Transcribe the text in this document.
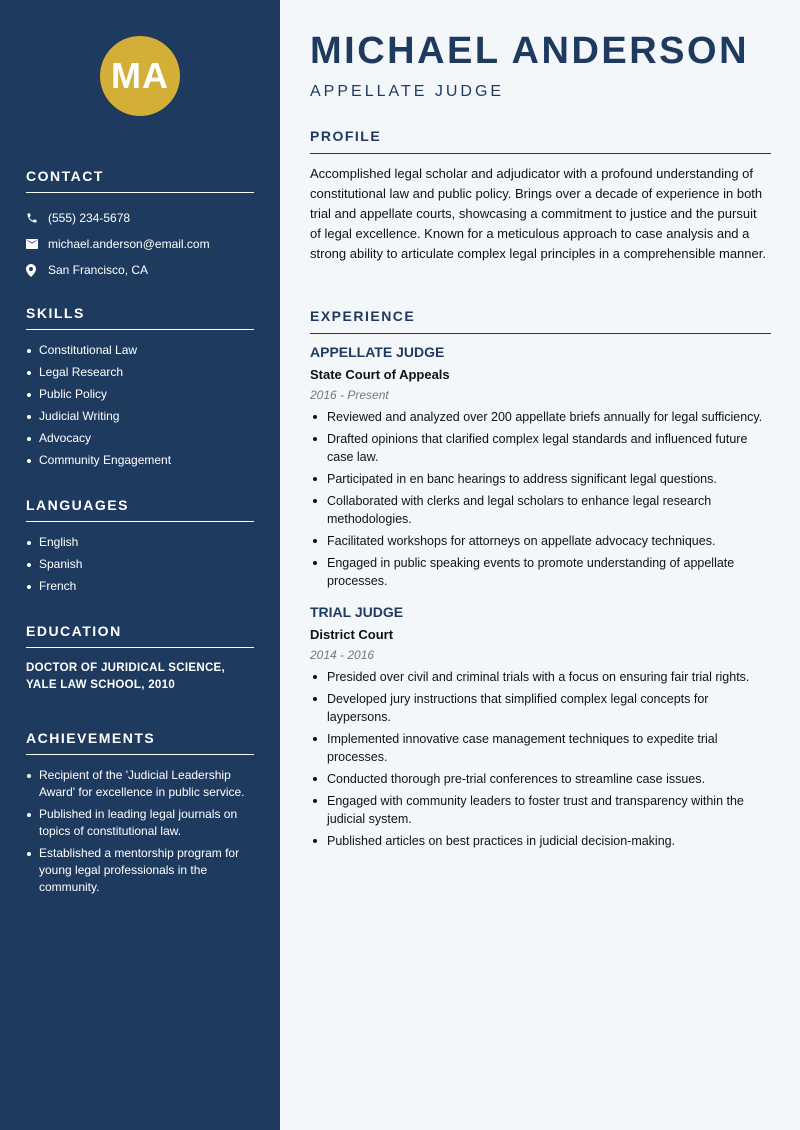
MA
CONTACT
(555) 234-5678
michael.anderson@email.com
San Francisco, CA
SKILLS
Constitutional Law
Legal Research
Public Policy
Judicial Writing
Advocacy
Community Engagement
LANGUAGES
English
Spanish
French
EDUCATION
DOCTOR OF JURIDICAL SCIENCE, YALE LAW SCHOOL, 2010
ACHIEVEMENTS
Recipient of the 'Judicial Leadership Award' for excellence in public service.
Published in leading legal journals on topics of constitutional law.
Established a mentorship program for young legal professionals in the community.
MICHAEL ANDERSON
APPELLATE JUDGE
PROFILE

Accomplished legal scholar and adjudicator with a profound understanding of constitutional law and public policy. Brings over a decade of experience in both trial and appellate courts, showcasing a commitment to justice and the pursuit of legal excellence. Known for a meticulous approach to case analysis and a strong ability to articulate complex legal principles in a comprehensible manner.

EXPERIENCE
APPELLATE JUDGE
State Court of Appeals
2016 - Present
Reviewed and analyzed over 200 appellate briefs annually for legal sufficiency.
Drafted opinions that clarified complex legal standards and influenced future case law.
Participated in en banc hearings to address significant legal questions.
Collaborated with clerks and legal scholars to enhance legal research methodologies.
Facilitated workshops for attorneys on appellate advocacy techniques.
Engaged in public speaking events to promote understanding of appellate processes.
TRIAL JUDGE
District Court
2014 - 2016
Presided over civil and criminal trials with a focus on ensuring fair trial rights.
Developed jury instructions that simplified complex legal concepts for laypersons.
Implemented innovative case management techniques to expedite trial processes.
Conducted thorough pre-trial conferences to streamline case issues.
Engaged with community leaders to foster trust and transparency within the judicial system.
Published articles on best practices in judicial decision-making.
